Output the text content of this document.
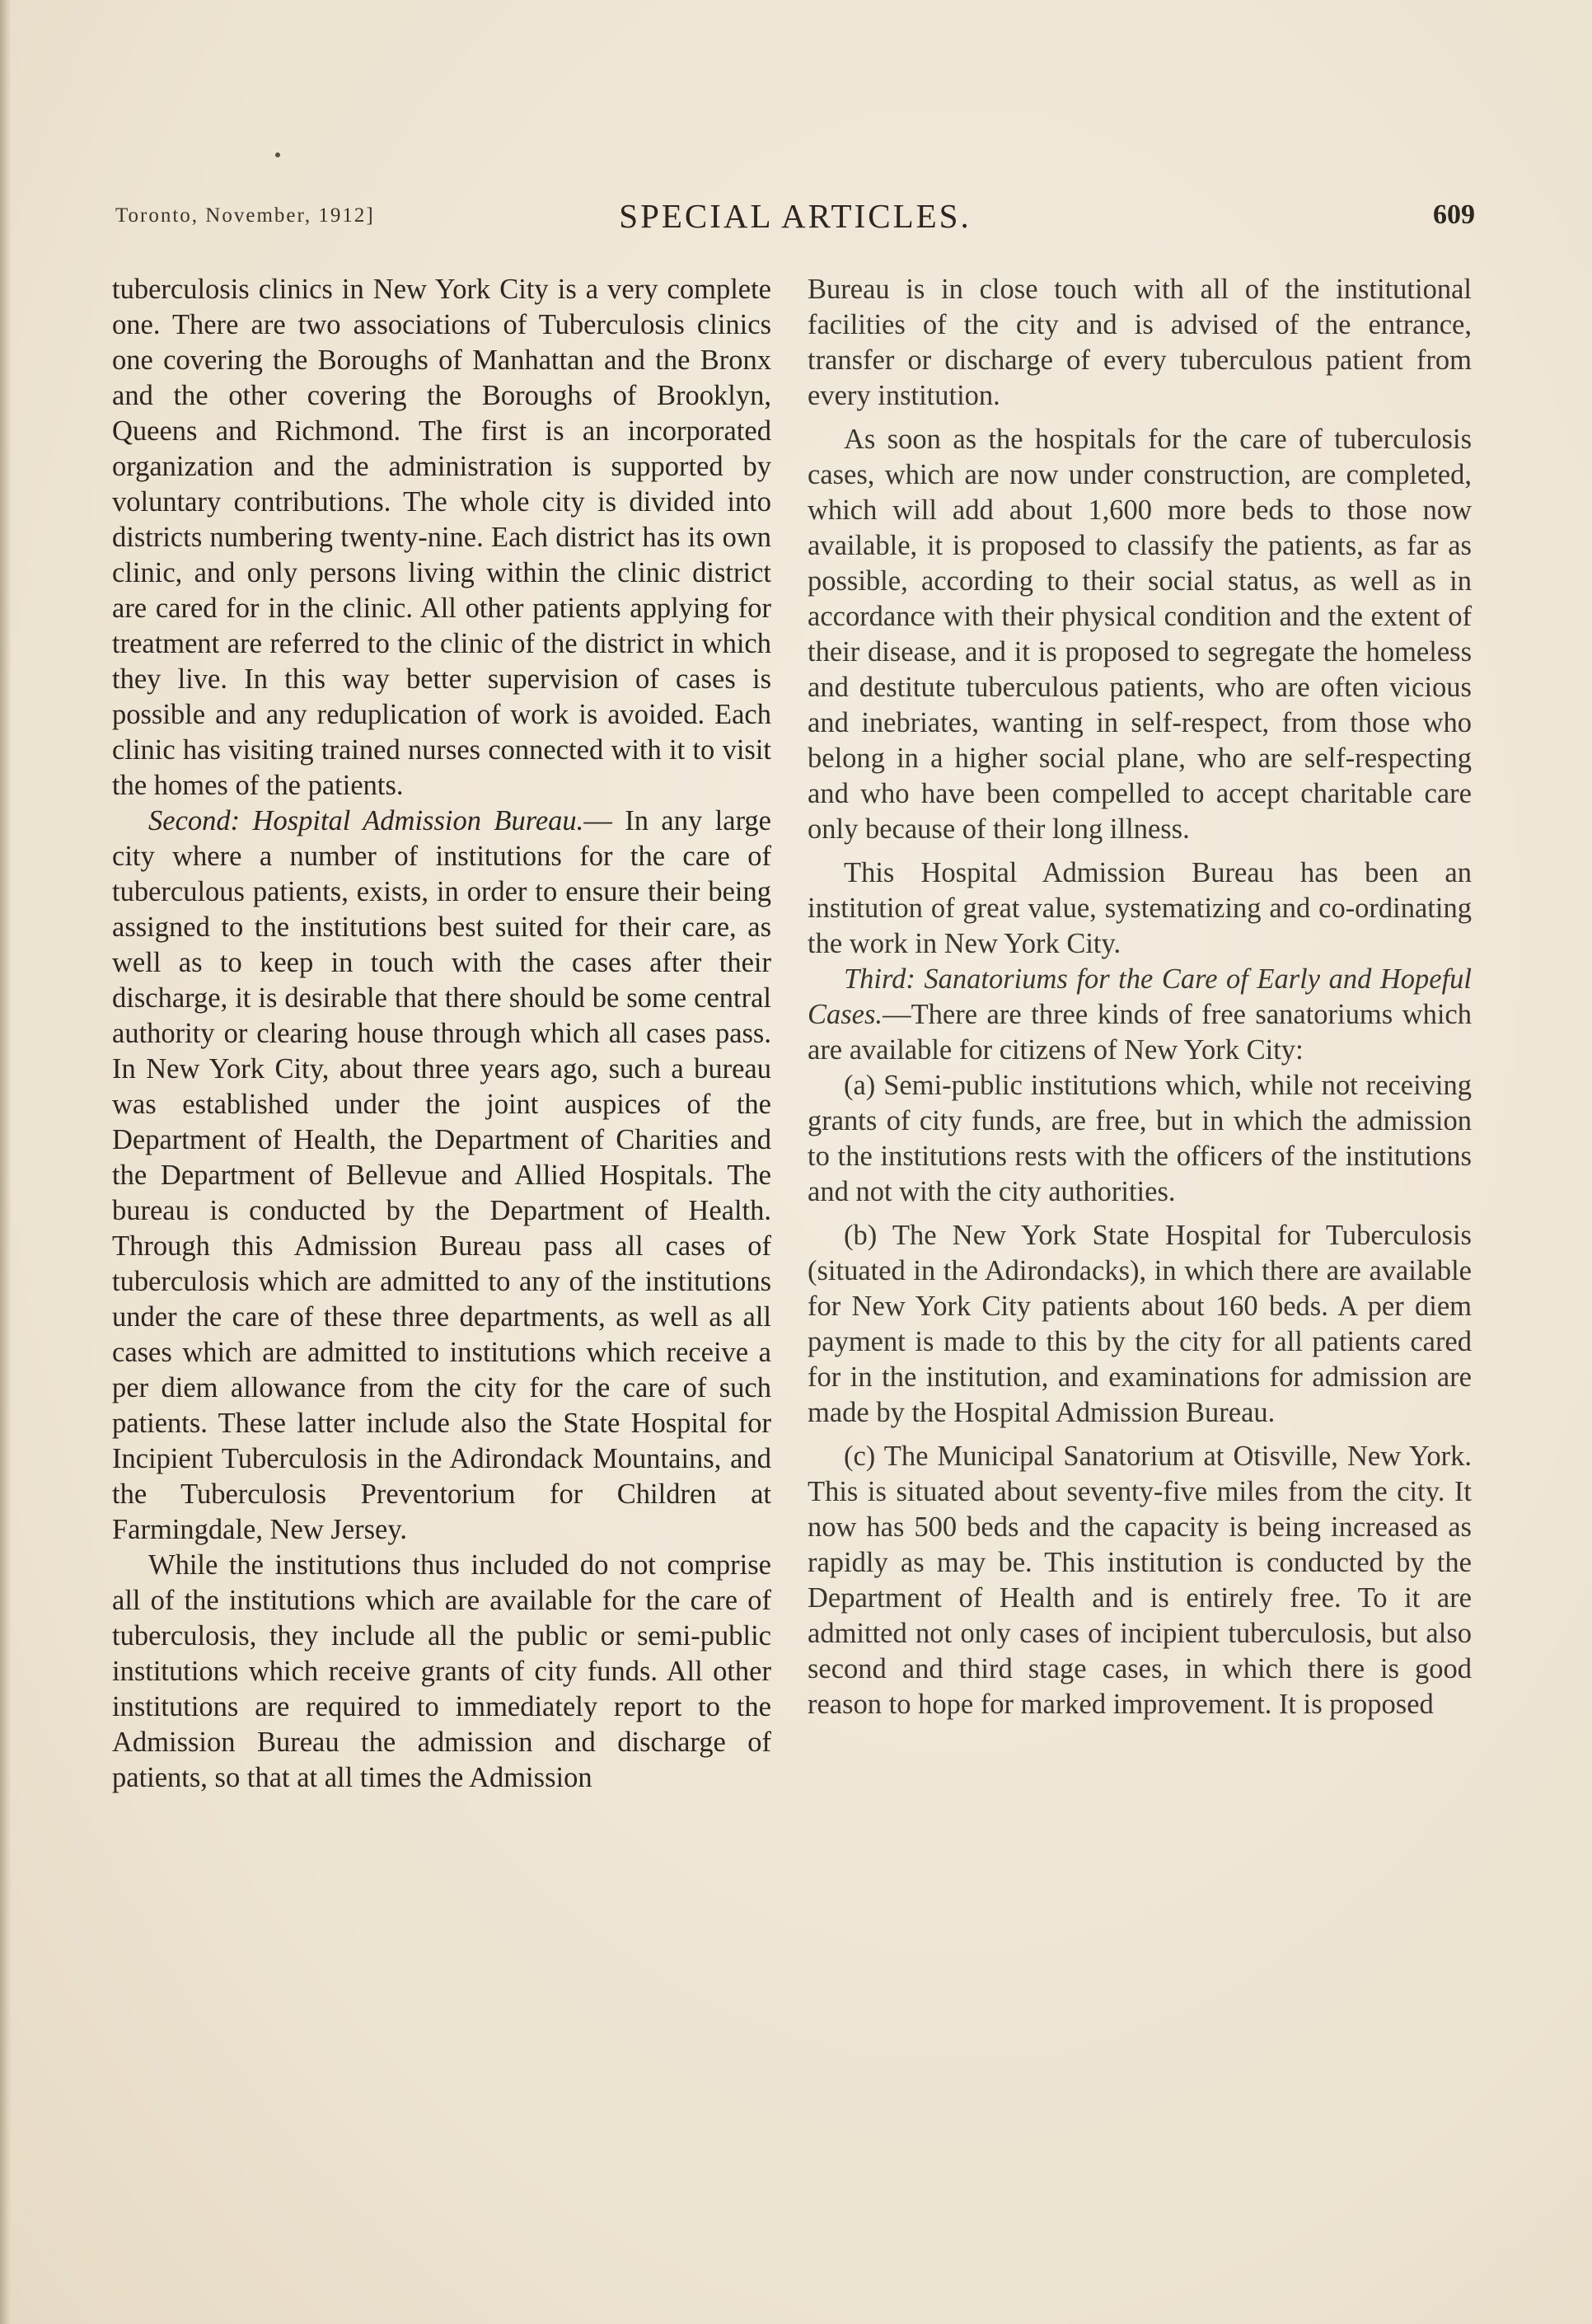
Toronto, November, 1912]	SPECIAL ARTICLES.	609

tuberculosis clinics in New York City is a very complete one. There are two associations of Tuberculosis clinics one covering the Boroughs of Manhattan and the Bronx and the other covering the Boroughs of Brooklyn, Queens and Richmond. The first is an incorporated organization and the administration is supported by voluntary contributions. The whole city is divided into districts numbering twenty-nine. Each district has its own clinic, and only persons living within the clinic district are cared for in the clinic. All other patients applying for treatment are referred to the clinic of the district in which they live. In this way better supervision of cases is possible and any reduplication of work is avoided. Each clinic has visiting trained nurses connected with it to visit the homes of the patients.

Second: Hospital Admission Bureau.— In any large city where a number of institutions for the care of tuberculous patients, exists, in order to ensure their being assigned to the institutions best suited for their care, as well as to keep in touch with the cases after their discharge, it is desirable that there should be some central authority or clearing house through which all cases pass. In New York City, about three years ago, such a bureau was established under the joint auspices of the Department of Health, the Department of Charities and the Department of Bellevue and Allied Hospitals. The bureau is conducted by the Department of Health. Through this Admission Bureau pass all cases of tuberculosis which are admitted to any of the institutions under the care of these three departments, as well as all cases which are admitted to institutions which receive a per diem allowance from the city for the care of such patients. These latter include also the State Hospital for Incipient Tuberculosis in the Adirondack Mountains, and the Tuberculosis Preventorium for Children at Farmingdale, New Jersey.

While the institutions thus included do not comprise all of the institutions which are available for the care of tuberculosis, they include all the public or semi-public institutions which receive grants of city funds. All other institutions are required to immediately report to the Admission Bureau the admission and discharge of patients, so that at all times the Admission

Bureau is in close touch with all of the institutional facilities of the city and is advised of the entrance, transfer or discharge of every tuberculous patient from every institution.

As soon as the hospitals for the care of tuberculosis cases, which are now under construction, are completed, which will add about 1,600 more beds to those now available, it is proposed to classify the patients, as far as possible, according to their social status, as well as in accordance with their physical condition and the extent of their disease, and it is proposed to segregate the homeless and destitute tuberculous patients, who are often vicious and inebriates, wanting in self-respect, from those who belong in a higher social plane, who are self-respecting and who have been compelled to accept charitable care only because of their long illness.

This Hospital Admission Bureau has been an institution of great value, systematizing and co-ordinating the work in New York City.

Third: Sanatoriums for the Care of Early and Hopeful Cases.—There are three kinds of free sanatoriums which are available for citizens of New York City:

(a) Semi-public institutions which, while not receiving grants of city funds, are free, but in which the admission to the institutions rests with the officers of the institutions and not with the city authorities.

(b) The New York State Hospital for Tuberculosis (situated in the Adirondacks), in which there are available for New York City patients about 160 beds. A per diem payment is made to this by the city for all patients cared for in the institution, and examinations for admission are made by the Hospital Admission Bureau.

(c) The Municipal Sanatorium at Otisville, New York. This is situated about seventy-five miles from the city. It now has 500 beds and the capacity is being increased as rapidly as may be. This institution is conducted by the Department of Health and is entirely free. To it are admitted not only cases of incipient tuberculosis, but also second and third stage cases, in which there is good reason to hope for marked improvement. It is proposed
